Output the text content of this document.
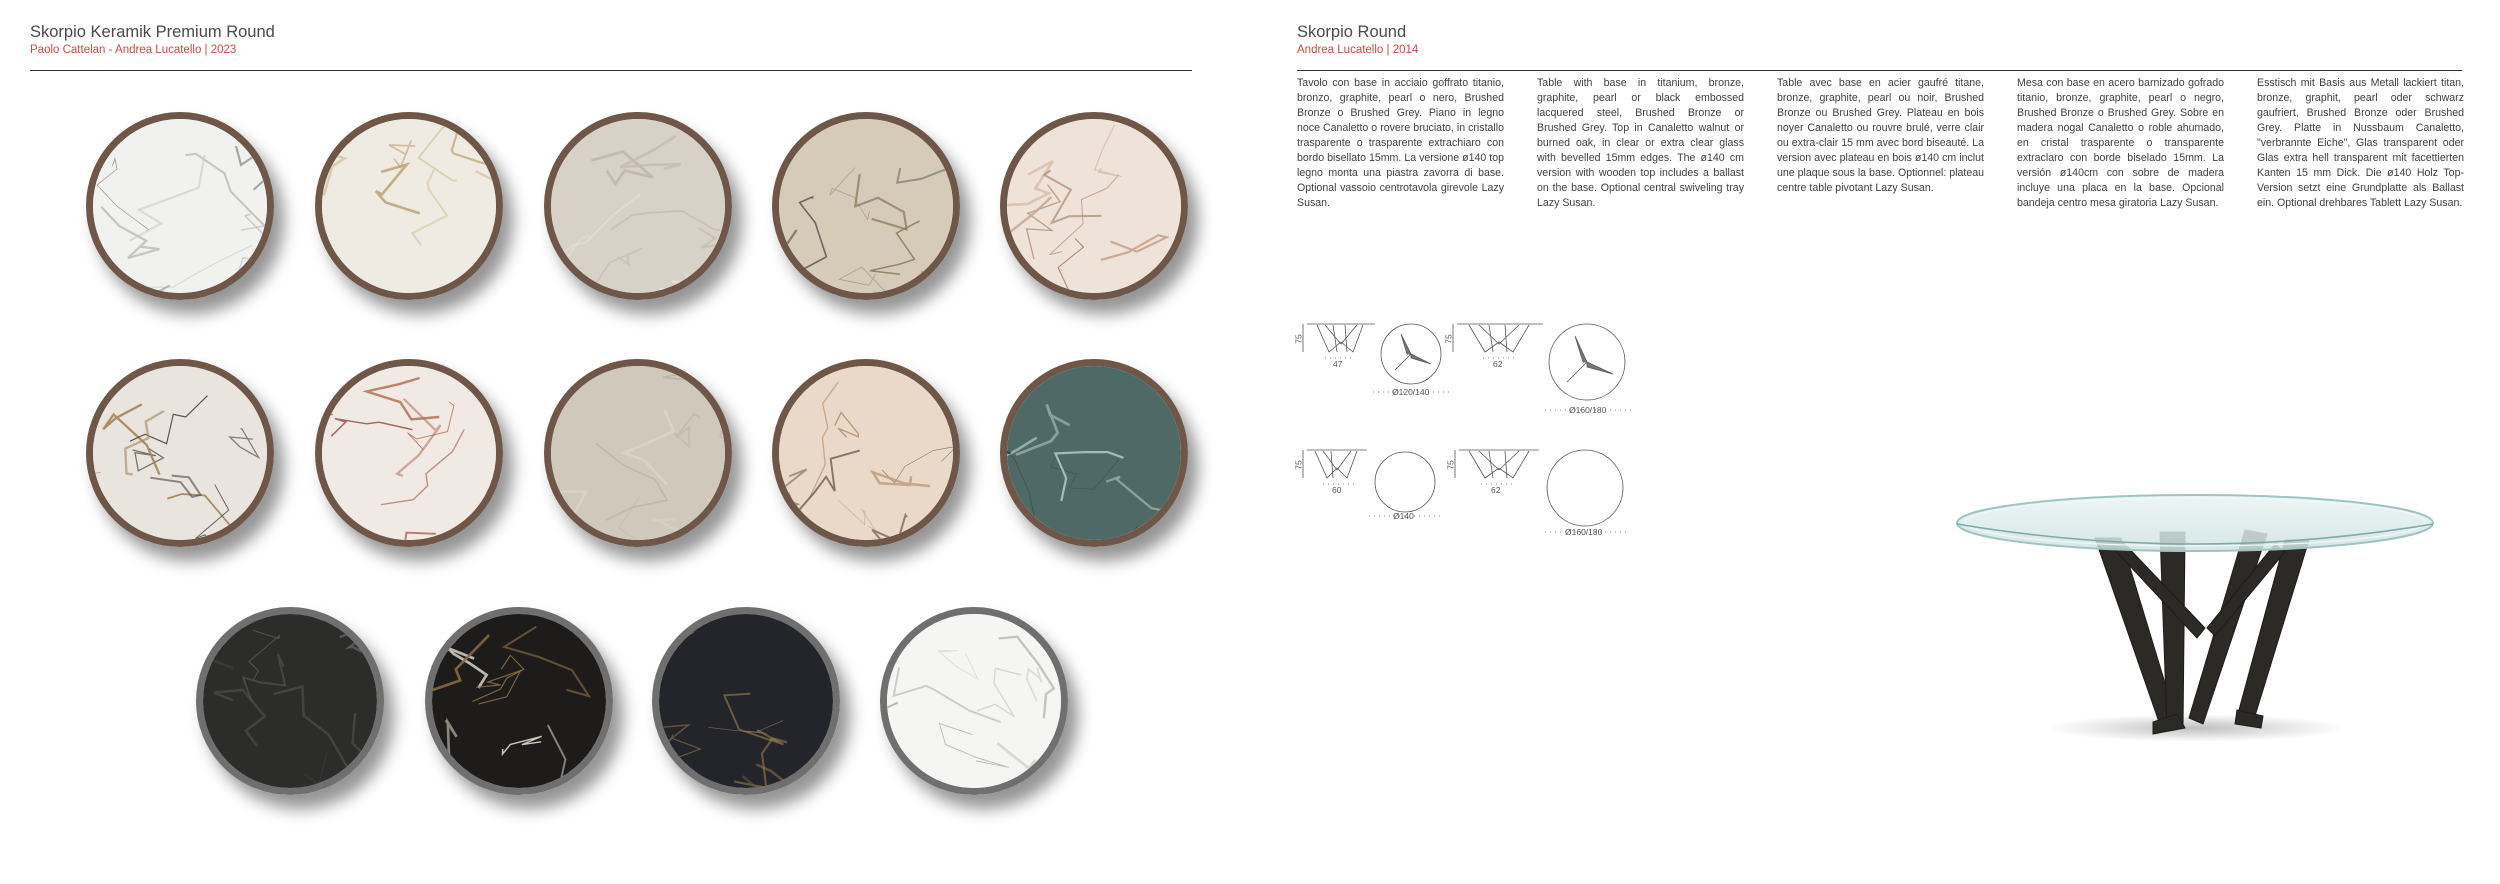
Skorpio Keramik Premium Round
Paolo Cattelan - Andrea Lucatello | 2023
Skorpio Round
Andrea Lucatello | 2014
Tavolo con base in acciaio goffrato titanio, bronzo, graphite, pearl o nero, Brushed Bronze o Brushed Grey. Piano in legno noce Canaletto o rovere bruciato, in cristallo trasparente o trasparente extrachiaro con bordo bisellato 15mm. La versione ø140 top legno monta una piastra zavorra di base. Optional vassoio centrotavola girevole Lazy Susan.
Table with base in titanium, bronze, graphite, pearl or black embossed lacquered steel, Brushed Bronze or Brushed Grey. Top in Canaletto walnut or burned oak, in clear or extra clear glass with bevelled 15mm edges. The ø140 cm version with wooden top includes a ballast on the base. Optional central swiveling tray Lazy Susan.
Table avec base en acier gaufré titane, bronze, graphite, pearl ou noir, Brushed Bronze ou Brushed Grey. Plateau en bois noyer Canaletto ou rouvre brulé, verre clair ou extra-clair 15 mm avec bord biseauté. La version avec plateau en bois ø140 cm inclut une plaque sous la base. Optionnel: plateau centre table pivotant Lazy Susan.
Mesa con base en acero barnizado gofrado titanio, bronze, graphite, pearl o negro, Brushed Bronze o Brushed Grey. Sobre en madera nogal Canaletto o roble ahumado, en cristal trasparente o transparente extraclaro con borde biselado 15mm. La versión ø140cm con sobre de madera incluye una placa en la base. Opcional bandeja centro mesa giratoria Lazy Susan.
Esstisch mit Basis aus Metall lackiert titan, bronze, graphit, pearl oder schwarz gaufriert, Brushed Bronze oder Brushed Grey. Platte in Nussbaum Canaletto, "verbrannte Eiche", Glas transparent oder Glas extra hell transparent mit facettierten Kanten 15 mm Dick. Die ø140 Holz Top-Version setzt eine Grundplatte als Ballast ein. Optional drehbares Tablett Lazy Susan.
75
47
Ø120/140
75
62
Ø160/180
75
60
Ø140
75
62
Ø160/180
